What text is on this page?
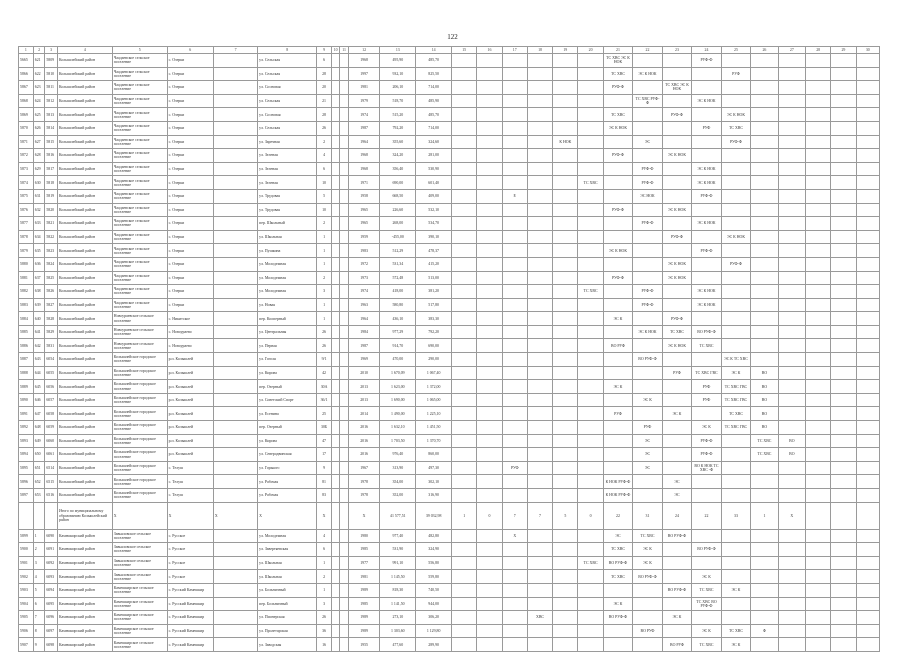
122
1	2	3	4	5	6	7	8	9	10	11	12	13	14	15	16	17	18	19	20	21	22	23	24	25	26	27	28	29	30
5665	621	5809	Колышлейский район	Чаадаевское сельское поселение	с. Озерки		ул. Сельская	6			1968	495,90	485,70							ТС ХВС ЭС К НОК			РУФ-Ф						
5866	622	5810	Колышлейский район	Чаадаевское сельское поселение	с. Озерки		ул. Сельская	28			1997	932,10	825,50							ТС ХВС	ЭС К НОК			РУФ					
5867	623	5811	Колышлейский район	Чаадаевское сельское поселение	с. Озерки		ул. Сосновая	20			1981	206,10	714,00							РУФ-Ф		ТС ХВС ЭС К НОК							
5868	624	5812	Колышлейский район	Чаадаевское сельское поселение	с. Озерки		ул. Сельская	21			1979	518,70	485,90								ТС ХВС РУФ-Ф		ЭС К НОК						
5869	625	5813	Колышлейский район	Чаадаевское сельское поселение	с. Озерки		ул. Сосновая	28			1974	515,20	485,70							ТС ХВС		РУФ-Ф		ЭС К НОК					
5870	626	5814	Колышлейский район	Чаадаевское сельское поселение	с. Озерки		ул. Сельская	26			1987	792,20	714,00							ЭС К НОК			РУФ	ТС ХВС					
5871	627	5815	Колышлейский район	Чаадаевское сельское поселение	с. Озерки		ул. Заречная	2			1964	355,60	324,60					К НОК			ЭС			РУФ-Ф					
5872	628	5816	Колышлейский район	Чаадаевское сельское поселение	с. Озерки		ул. Зеленая	4			1968	324,20	281,00							РУФ-Ф		ЭС К НОК							
5873	629	5817	Колышлейский район	Чаадаевское сельское поселение	с. Озерки		ул. Зеленая	6			1968	356,40	530,90								РУФ-Ф		ЭС К НОК						
5874	630	5818	Колышлейский район	Чаадаевское сельское поселение	с. Озерки		ул. Зеленая	10			1971	690,00	601,40						ТС ХВС		РУФ-Ф		ЭС К НОК						
5875	631	5819	Колышлейский район	Чаадаевское сельское поселение	с. Озерки		ул. Трудовая	5			1958	668,50	409,00			Е					ЭС НОК		РУФ-Ф						
5876	632	5820	Колышлейский район	Чаадаевское сельское поселение	с. Озерки		ул. Трудовая	10			1965	226,60	532,10							РУФ-Ф		ЭС К НОК							
5877	633	5821	Колышлейский район	Чаадаевское сельское поселение	с. Озерки		пер. Школьный	2			1965	268,00	534,70								РУФ-Ф		ЭС К НОК						
5878	634	5822	Колышлейский район	Чаадаевское сельское поселение	с. Озерки		ул. Школьная	1			1959	-455,00	390,10									РУФ-Ф		ЭС К НОК					
5879	635	5823	Колышлейский район	Чаадаевское сельское поселение	с. Озерки		ул. Пушкина	1			1983	512,29	478,37							ЭС К НОК			РУФ-Ф						
5880	636	5824	Колышлейский район	Чаадаевское сельское поселение	с. Озерки		ул. Молодежная	1			1972	531,34	415,20									ЭС К НОК		РУФ-Ф					
5881	637	5825	Колышлейский район	Чаадаевское сельское поселение	с. Озерки		ул. Молодежная	2			1973	572,48	513,00							РУФ-Ф		ЭС К НОК							
5882	638	5826	Колышлейский район	Чаадаевское сельское поселение	с. Озерки		ул. Молодежная	3			1974	418,00	381,20						ТС ХВС		РУФ-Ф		ЭС К НОК						
5883	639	5827	Колышлейский район	Чаадаевское сельское поселение	с. Озерки		ул. Новая	1			1963	580,80	517,80								РУФ-Ф		ЭС К НОК						
5884	640	5828	Колышлейский район	Новоураевское сельское поселение	с. Никитское		пер. Кооперный	1			1964	436,10	383,30							ЭС К		РУФ-Ф							
5885	641	5829	Колышлейский район	Новоураевское сельское поселение	с. Новоураево		ул. Центральная	26			1984	977,29	792,20								ЭС К НОК	ТС ХВС	ВО РУФ-Ф						
5886	642	5831	Колышлейский район	Новоураевское сельское поселение	с. Новоураево		ул. Первая	26			1987	914,70	690,00							ВО РУФ		ЭС К НОК	ТС ХВС						
5887	643	6054	Колышлейский район	Колышлейское городское поселение	р.п. Колышлей		ул. Гоголя	9/1			1969	470,00	290,00								ВО РУФ-Ф			ЭС К ТС ХВС					
5888	644	6055	Колышлейский район	Колышлейское городское поселение	р.п. Колышлей		ул. Кирова	42			2010	1 670,09	1 067,40									РУФ	ТС ХВС ГВС	ЭС К	ВО				
5889	645	6056	Колышлейский район	Колышлейское городское поселение	р.п. Колышлей		пер. Озерный	30А			2013	1 623,00	1 372,00							ЭС К			РУФ	ТС ХВС ГВС	ВО				
5890	646	6057	Колышлейский район	Колышлейское городское поселение	р.п. Колышлей		ул. Советский Спорт	36/1			2013	1 690,00	1 065,00								ЭС К		РУФ	ТС ХВС ГВС	ВО				
5891	647	6058	Колышлейский район	Колышлейское городское поселение	р.п. Колышлей		ул. Есенина	25			2014	1 490,00	1 225,10							РУФ		ЭС К		ТС ХВС	ВО				
5892	648	6059	Колышлейский район	Колышлейское городское поселение	р.п. Колышлей		пер. Озерный	30Б			2016	1 632,10	1 451,50								РУФ		ЭС К	ТС ХВС ГВС	ВО				
5893	649	6060	Колышлейский район	Колышлейское городское поселение	р.п. Колышлей		ул. Кирова	47			2016	1 703,50	1 370,70								ЭС		РУФ-Ф		ТС ХВС	ВО			
5894	650	6061	Колышлейский район	Колышлейское городское поселение	р.п. Колышлей		ул. Северодвинская	17			2016	976,40	860,00								ЭС		РУФ-Ф		ТС ХВС	ВО			
5895	651	6514	Колышлейский район	Колышлейское городское поселение	с. Телуш		ул. Горького	9			1967	313,90	497,30			РУФ					ЭС		ВО К НОК ТС ХВС -Ф						
5896	652	6515	Колышлейский район	Колышлейское городское поселение	с. Телуш		ул. Рабочая	81			1978	354,00	302,10							К НОК РУФ-Ф		ЭС							
5897	653	6516	Колышлейский район	Колышлейское городское поселение	с. Телуш		ул. Рабочая	83			1978	352,00	316,90							К НОК РУФ-Ф		ЭС							
			Итого по муниципальному образованию Колышлейский район	Х	Х	Х	Х	Х			Х	41 577,51	39 032,98	1	0	7	7	5	0	22	31	24	22	33	1	Х			
5899	1	6090	Камешкирский район	Завьяловское сельское поселение	с. Русское		ул. Молодежная	4			1980	977,40	482,80			Х				ЭС	ТС ХВС	ВО РУФ-Ф							
5900	2	6091	Камешкирский район	Завьяловское сельское поселение	с. Русское		ул. Завертяевская	6			1985	531,90	324,90							ТС ХВС	ЭС К		ВО РУФ-Ф						
5901	3	6092	Камешкирский район	Завьяловское сельское поселение	с. Русское		ул. Школьная	1			1977	991,10	556,80						ТС ХВС	ВО РУФ-Ф	ЭС К								
5902	4	6093	Камешкирский район	Завьяловское сельское поселение	с. Русское		ул. Школьная	2			1981	1 145,50	559,80							ТС ХВС	ВО РУФ-Ф		ЭС К						
5903	5	6094	Камешкирский район	Камешкирское сельское поселение	с. Русский Камешкир		ул. Больничный	1			1989	818,30	740,50									ВО РУФ-Ф	ТС ХВС	ЭС К					
5904	6	6095	Камешкирский район	Камешкирское сельское поселение	с. Русский Камешкир		пер. Больничный	3			1985	1 141,50	944,00							ЭС К			ТС ХВС ВО РУФ-Ф						
5905	7	6096	Камешкирский район	Камешкирское сельское поселение	с. Русский Камешкир		ул. Пионерская	26			1989	273,10	306,20				ХВС			ВО РУФ-Ф		ЭС К							
5906	8	6097	Камешкирский район	Камешкирское сельское поселение	с. Русский Камешкир		ул. Пролетарская	36			1989	1 303,60	1 129,80								ВО РУФ		ЭС К	ТС ХВС	Ф				
5907	9	6098	Камешкирский район	Камешкирское сельское поселение	с. Русский Камешкир		ул. Заводская	16			1955	477,60	289,90									ВО РУФ	ТС ХВС	ЭС К					
